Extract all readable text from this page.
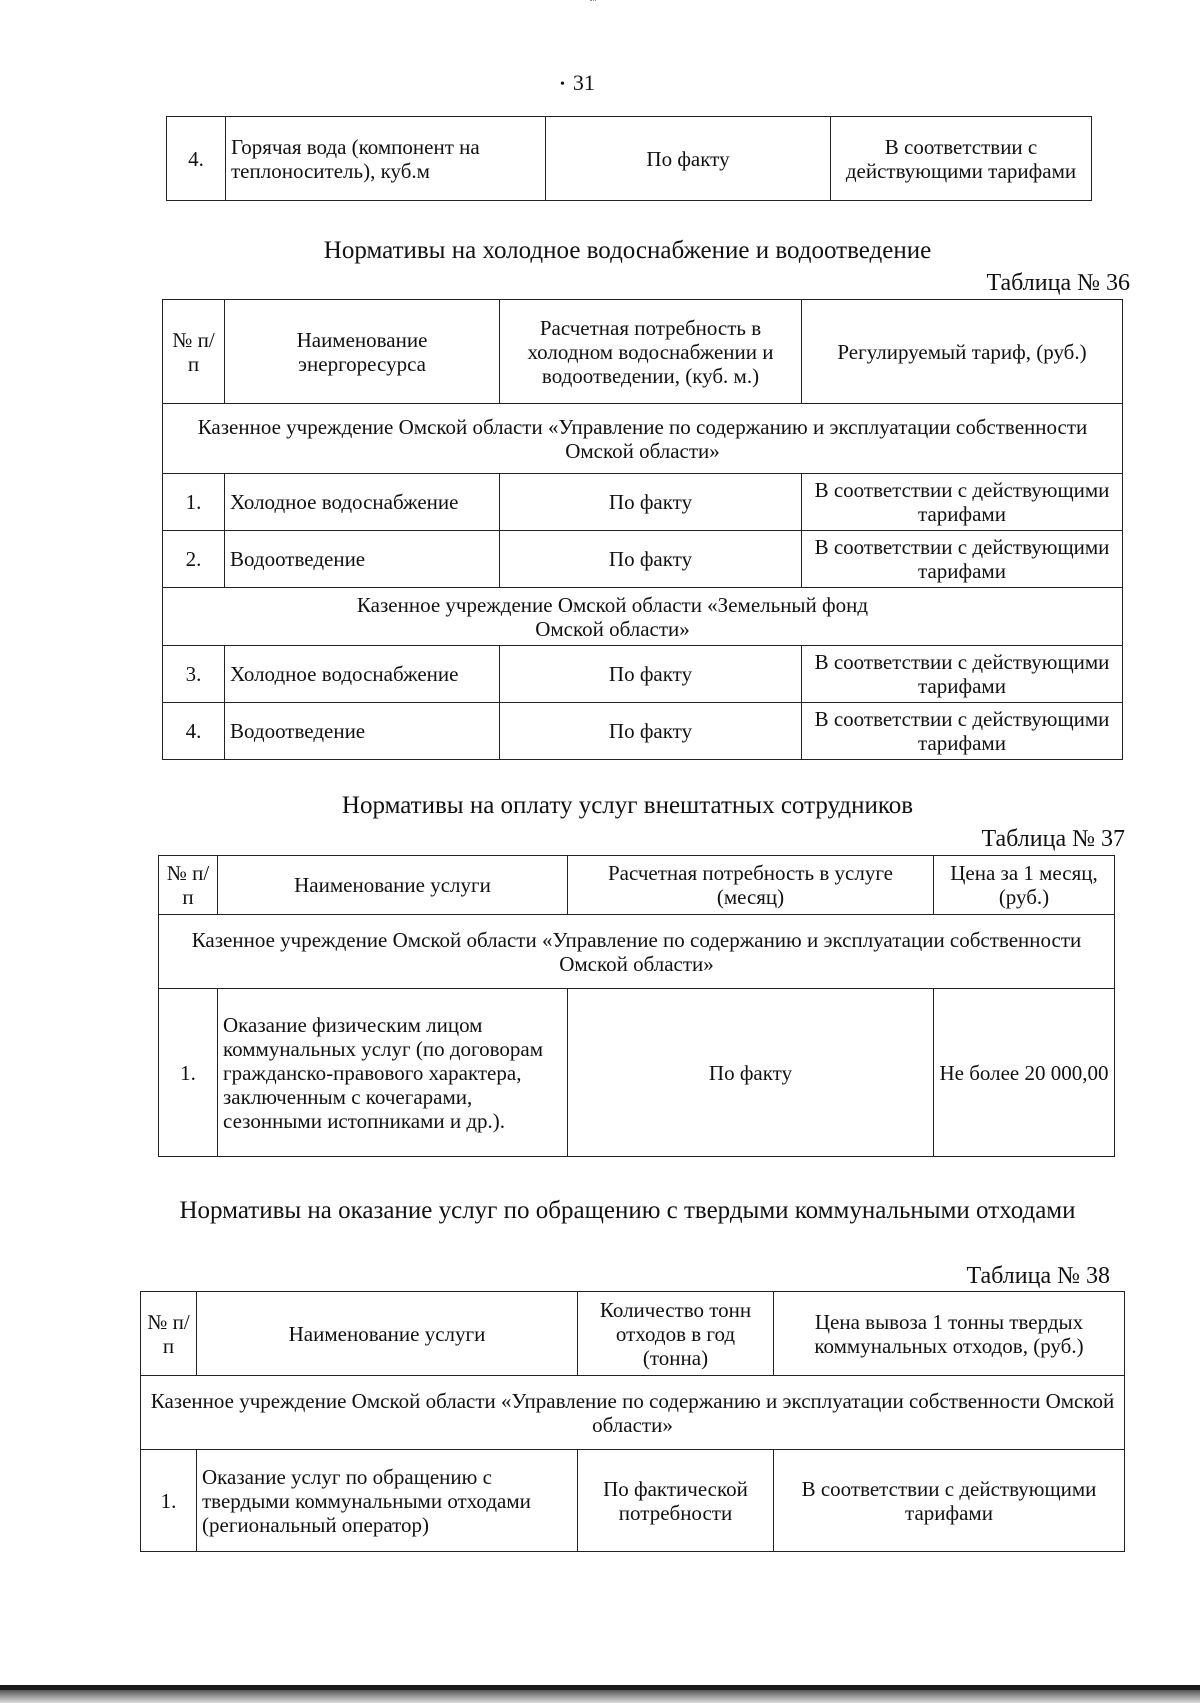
• 31
4.	Горячая вода (компонент на теплоноситель), куб.м	По факту	В соответствии с действующими тарифами
Нормативы на холодное водоснабжение и водоотведение
Таблица № 36
№ п/п	Наименование энергоресурса	Расчетная потребность в холодном водоснабжении и водоотведении, (куб. м.)	Регулируемый тариф, (руб.)
Казенное учреждение Омской области «Управление по содержанию и эксплуатации собственности Омской области»			
1.	Холодное водоснабжение	По факту	В соответствии с действующими тарифами
2.	Водоотведение	По факту	В соответствии с действующими тарифами
Казенное учреждение Омской области «Земельный фонд Омской области»			
3.	Холодное водоснабжение	По факту	В соответствии с действующими тарифами
4.	Водоотведение	По факту	В соответствии с действующими тарифами
Нормативы на оплату услуг внештатных сотрудников
Таблица № 37
№ п/п	Наименование услуги	Расчетная потребность в услуге (месяц)	Цена за 1 месяц, (руб.)
Казенное учреждение Омской области «Управление по содержанию и эксплуатации собственности Омской области»			
1.	Оказание физическим лицом коммунальных услуг (по договорам гражданско-правового характера, заключенным с кочегарами, сезонными истопниками и др.).	По факту	Не более 20 000,00
Нормативы на оказание услуг по обращению с твердыми коммунальными отходами
Таблица № 38
№ п/п	Наименование услуги	Количество тонн отходов в год (тонна)	Цена вывоза 1 тонны твердых коммунальных отходов, (руб.)
Казенное учреждение Омской области «Управление по содержанию и эксплуатации собственности Омской области»			
1.	Оказание услуг по обращению с твердыми коммунальными отходами (региональный оператор)	По фактической потребности	В соответствии с действующими тарифами
